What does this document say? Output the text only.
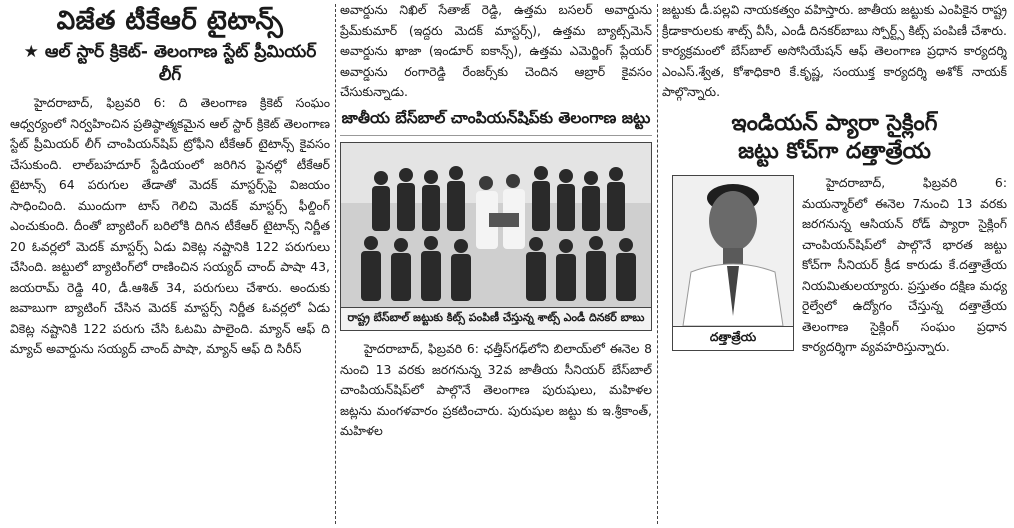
విజేత టీకేఆర్ టైటాన్స్
★ ఆల్ స్టార్ క్రికెట్- తెలంగాణ స్టేట్ ప్రీమియర్ లీగ్

హైదరాబాద్, ఫిబ్రవరి 6: ది తెలంగాణ క్రికెట్ సంఘం ఆధ్వర్యంలో నిర్వహించిన ప్రతిష్ఠాత్మకమైన ఆల్ స్టార్ క్రికెట్ తెలంగాణ స్టేట్ ప్రీమియర్ లీగ్ చాంపియన్‌షిప్ ట్రోఫీని టీకేఆర్ టైటాన్స్ కైవసం చేసుకుంది. లాల్‌బహదూర్ స్టేడియంలో జరిగిన ఫైనల్లో టీకేఆర్ టైటాన్స్ 64 పరుగుల తేడాతో మెదక్ మాస్టర్స్‌పై విజయం సాధించింది. ముందుగా టాస్ గెలిచి మెదక్ మాస్టర్స్ ఫీల్డింగ్ ఎంచుకుంది. దీంతో బ్యాటింగ్ బరిలోకి దిగిన టీకేఆర్ టైటాన్స్ నిర్ణీత 20 ఓవర్లలో మెదక్ మాస్టర్స్ ఏడు వికెట్ల నష్టానికి 122 పరుగులు చేసింది. జట్టులో బ్యాటింగ్‌లో రాణించిన సయ్యద్ చాంద్ పాషా 43, జయరామ్ రెడ్డి 40, డీ.ఆశిత్ 34, పరుగులు చేశారు. అందుకు జవాబుగా బ్యాటింగ్ చేసిన మెదక్ మాస్టర్స్ నిర్ణీత ఓవర్లలో ఏడు వికెట్ల నష్టానికి 122 పరుగు చేసి ఓటమి పాలైంది. మ్యాన్ ఆఫ్ ది మ్యాచ్ అవార్డును సయ్యద్ చాంద్ పాషా, మ్యాన్ ఆఫ్ ది సిరీస్

అవార్డును నిఖిల్ సేతాజ్ రెడ్డి, ఉత్తమ బసలర్ అవార్డును ప్రేమ్‌కుమార్ (ఇద్దరు మెదక్ మాస్టర్స్), ఉత్తమ బ్యాట్స్‌మెన్ అవార్డును ఖాజా (ఇండూర్ ఐకాన్స్), ఉత్తమ ఎమెర్జింగ్ ప్లేయర్ అవార్డును రంగారెడ్డి రేంజర్స్‌కు చెందిన ఆబ్రార్ కైవసం చేసుకున్నాడు.

జాతీయ బేస్‌బాల్ చాంపియన్‌షిప్‌కు తెలంగాణ జట్టు
రాష్ట్ర బేస్‌బాల్ జట్టుకు కిట్స్ పంపిణీ చేస్తున్న శాట్స్ ఎండీ దినకర్ బాబు

హైదరాబాద్, ఫిబ్రవరి 6: ఛత్తీస్‌గఢ్‌లోని బిలాయ్‌లో ఈనెల 8 నుంచి 13 వరకు జరగనున్న 32వ జాతీయ సీనియర్ బేస్‌బాల్ చాంపియన్‌షిప్‌లో పాల్గొనే తెలంగాణ పురుషులు, మహిళల జట్లను మంగళవారం ప్రకటించారు. పురుషుల జట్టు కు ఇ.శ్రీకాంత్, మహిళల

జట్టుకు డీ.పల్లవి నాయకత్వం వహిస్తారు. జాతీయ జట్టుకు ఎంపికైన రాష్ట్ర క్రీడాకారులకు శాట్స్ వీసీ, ఎండీ దినకర్‌బాబు స్పోర్ట్స్ కిట్స్ పంపిణీ చేశారు. కార్యక్రమంలో బేస్‌బాల్ అసోసియేషన్ ఆఫ్ తెలంగాణ ప్రధాన కార్యదర్శి ఎంఎస్.శ్వేత, కోశాధికారి కే.కృష్ణ, సంయుక్త కార్యదర్శి అశోక్ నాయక్ పాల్గొన్నారు.

ఇండియన్ ప్యారా సైక్లింగ్
జట్టు కోచ్‌గా దత్తాత్రేయ
దత్తాత్రేయ

హైదరాబాద్, ఫిబ్రవరి 6: మయన్మార్‌లో ఈనెల 7నుంచి 13 వరకు జరగనున్న ఆసియన్ రోడ్ ప్యారా సైక్లింగ్ చాంపియన్‌షిప్‌లో పాల్గొనే భారత జట్టు కోచ్‌గా సీనియర్ క్రీడ కారుడు కే.దత్తాత్రేయ నియమితులయ్యారు. ప్రస్తుతం దక్షిణ మధ్య రైల్వేలో ఉద్యోగం చేస్తున్న దత్తాత్రేయ తెలంగాణ సైక్లింగ్ సంఘం ప్రధాన కార్యదర్శిగా వ్యవహరిస్తున్నారు.
